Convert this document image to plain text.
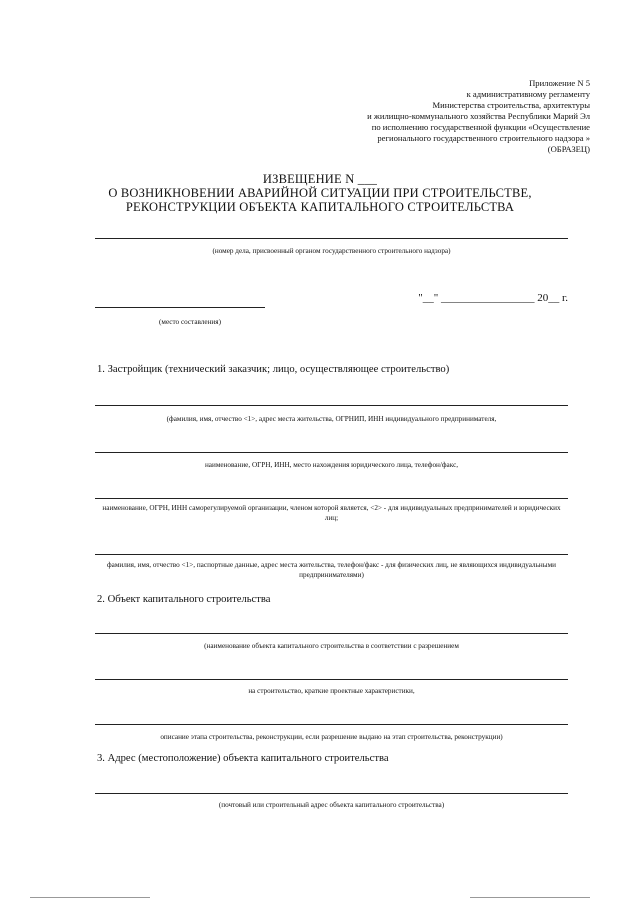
Приложение N 5
к административному регламенту
Министерства строительства, архитектуры
и жилищно-коммунального хозяйства Республики Марий Эл
по исполнению государственной функции «Осуществление
регионального государственного строительного надзора »
(ОБРАЗЕЦ)
ИЗВЕЩЕНИЕ N ___
О ВОЗНИКНОВЕНИИ АВАРИЙНОЙ СИТУАЦИИ ПРИ СТРОИТЕЛЬСТВЕ,
РЕКОНСТРУКЦИИ ОБЪЕКТА КАПИТАЛЬНОГО СТРОИТЕЛЬСТВА
(номер дела, присвоенный органом государственного строительного надзора)
"__" _________________ 20__ г.
(место составления)
1. Застройщик (технический заказчик; лицо, осуществляющее строительство)
(фамилия, имя, отчество <1>, адрес места жительства, ОГРНИП, ИНН индивидуального предпринимателя,
наименование, ОГРН, ИНН, место нахождения юридического лица, телефон/факс,
наименование, ОГРН, ИНН саморегулируемой организации, членом которой является, <2> - для индивидуальных предпринимателей и юридических лиц;
фамилия, имя, отчество <1>, паспортные данные, адрес места жительства, телефон/факс - для физических лиц, не являющихся индивидуальными предпринимателями)
2. Объект капитального строительства
(наименование объекта капитального строительства в соответствии с разрешением
на строительство, краткие проектные характеристики,
описание этапа строительства, реконструкции, если разрешение выдано на этап строительства, реконструкции)
3. Адрес (местоположение) объекта капитального строительства
(почтовый или строительный адрес объекта капитального строительства)
